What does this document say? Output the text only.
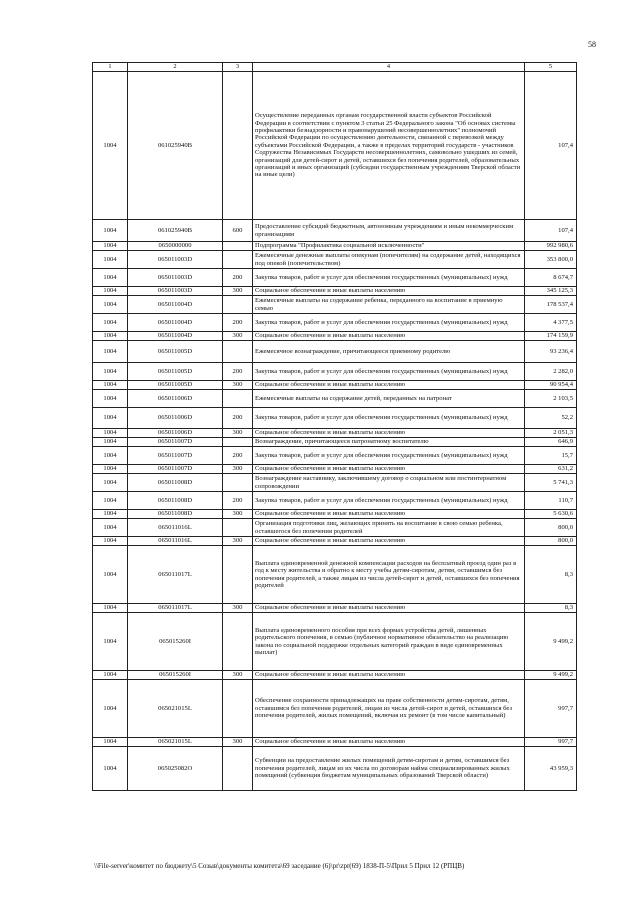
58
1	2	3	4	5
1004	061025940В		Осуществление переданных органам государственной власти субъектов Российской Федерации в соответствии с пунктом 3 статьи 25 Федерального закона "Об основах системы профилактики безнадзорности и правонарушений несовершеннолетних" полномочий Российской Федерации по осуществлению деятельности, связанной с перевозкой между субъектами Российской Федерации, а также в пределах территорий государств - участников Содружества Независимых Государств несовершеннолетних, самовольно ушедших из семей, организаций для детей-сирот и детей, оставшихся без попечения родителей, образовательных организаций и иных организаций (субсидии государственным учреждениям Тверской области на иные цели)	107,4
1004	061025940В	600	Предоставление субсидий бюджетным, автономным учреждениям и иным некоммерческим организациям	107,4
1004	0650000000		Подпрограмма "Профилактика социальной исключенности"	992 980,6
1004	065011003D		Ежемесячные денежные выплаты опекунам (попечителям) на содержание детей, находящихся под опекой (попечительством)	353 800,0
1004	065011003D	200	Закупка товаров, работ и услуг для обеспечения государственных (муниципальных) нужд	8 674,7
1004	065011003D	300	Социальное обеспечение и иные выплаты населению	345 125,3
1004	065011004D		Ежемесячные выплаты на содержание ребенка, переданного на воспитание в приемную семью	178 537,4
1004	065011004D	200	Закупка товаров, работ и услуг для обеспечения государственных (муниципальных) нужд	4 377,5
1004	065011004D	300	Социальное обеспечение и иные выплаты населению	174 159,9
1004	065011005D		Ежемесячное вознаграждение, причитающееся приемному родителю	93 236,4
1004	065011005D	200	Закупка товаров, работ и услуг для обеспечения государственных (муниципальных) нужд	2 282,0
1004	065011005D	300	Социальное обеспечение и иные выплаты населению	90 954,4
1004	065011006D		Ежемесячные выплаты на содержание детей, переданных на патронат	2 103,5
1004	065011006D	200	Закупка товаров, работ и услуг для обеспечения государственных (муниципальных) нужд	52,2
1004	065011006D	300	Социальное обеспечение и иные выплаты населению	2 051,3
1004	065011007D		Вознаграждение, причитающееся патронатному воспитателю	646,9
1004	065011007D	200	Закупка товаров, работ и услуг для обеспечения государственных (муниципальных) нужд	15,7
1004	065011007D	300	Социальное обеспечение и иные выплаты населению	631,2
1004	065011008D		Вознаграждение наставнику, заключившему договор о социальном или постинтернатном сопровождении	5 741,3
1004	065011008D	200	Закупка товаров, работ и услуг для обеспечения государственных (муниципальных) нужд	110,7
1004	065011008D	300	Социальное обеспечение и иные выплаты населению	5 630,6
1004	065011016L		Организация подготовки лиц, желающих принять на воспитание в свою семью ребенка, оставшегося без попечения родителей	800,0
1004	065011016L	300	Социальное обеспечение и иные выплаты населению	800,0
1004	065011017L		Выплата единовременной денежной компенсации расходов на бесплатный проезд один раз в год к месту жительства и обратно к месту учебы детям-сиротам, детям, оставшимся без попечения родителей, а также лицам из числа детей-сирот и детей, оставшихся без попечения родителей	8,3
1004	065011017L	300	Социальное обеспечение и иные выплаты населению	8,3
1004	065015260I		Выплата единовременного пособия при всех формах устройства детей, лишенных родительского попечения, в семью (публичное нормативное обязательство на реализацию закона по социальной поддержке отдельных категорий граждан в виде единовременных выплат)	9 499,2
1004	065015260I	300	Социальное обеспечение и иные выплаты населению	9 499,2
1004	065021015L		Обеспечение сохранности принадлежащих на праве собственности детям-сиротам, детям, оставшимся без попечения родителей, лицам из числа детей-сирот и детей, оставшихся без попечения родителей, жилых помещений, включая их ремонт (в том числе капитальный)	997,7
1004	065021015L	300	Социальное обеспечение и иные выплаты населению	997,7
1004	065025082O		Субвенции на предоставление жилых помещений детям-сиротам и детям, оставшимся без попечения родителей, лицам из их числа по договорам найма специализированных жилых помещений (субвенция бюджетам муниципальных образований Тверской области)	43 959,3
\\File-server\комитет по бюджету\5 Созыв\документы комитета\69 заседание (6)\pr\zpr(69) 1838-П-5\Прил 5 Прил 12 (РПЦВ)
